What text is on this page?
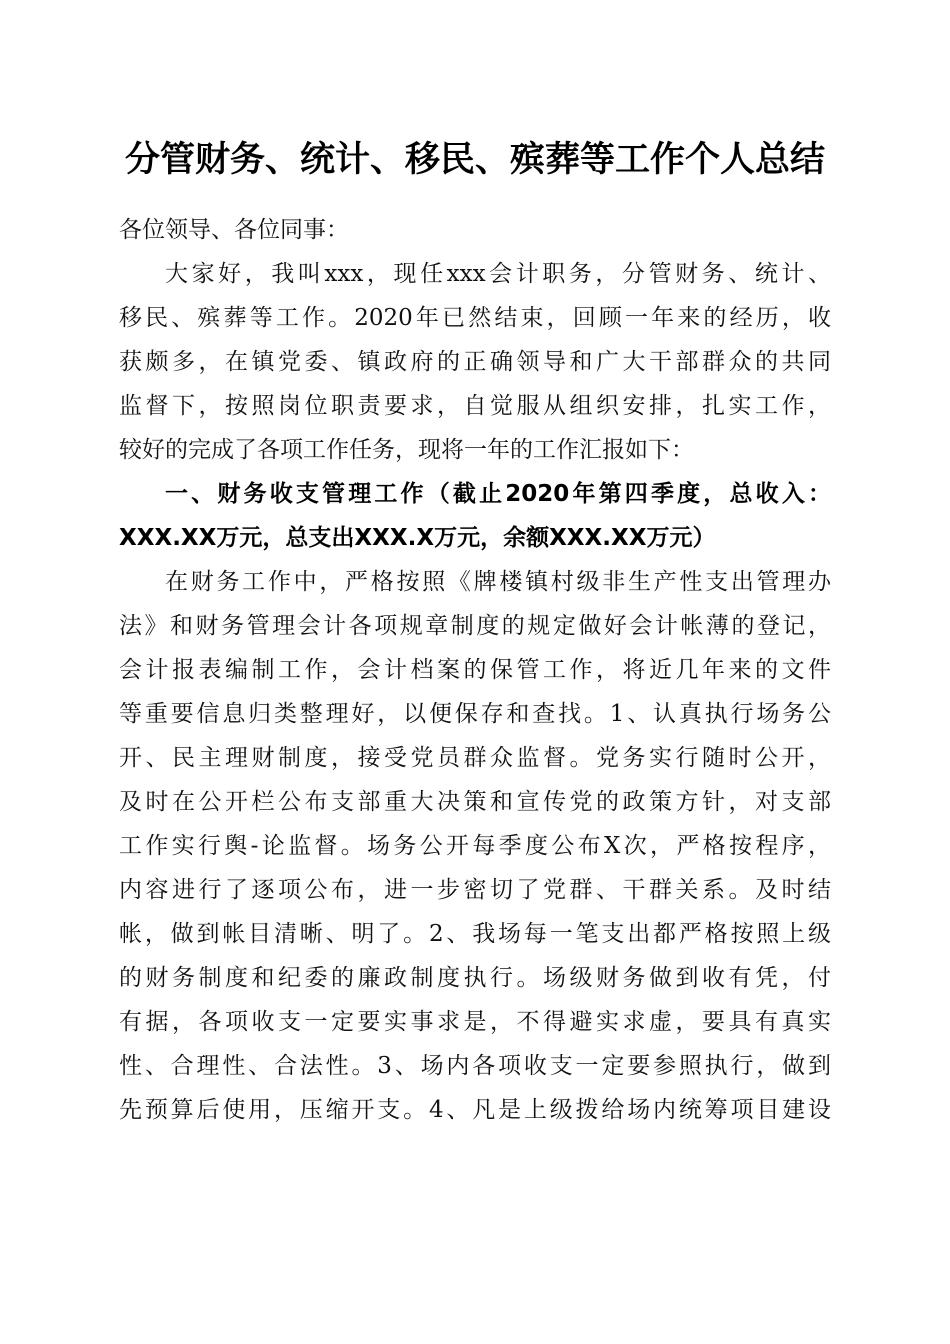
分管财务、统计、移民、殡葬等工作个人总结

各位领导、各位同事：

大家好，我叫xxx，现任xxx会计职务，分管财务、统计、
移民、殡葬等工作。2020年已然结束，回顾一年来的经历，收
获颇多，在镇党委、镇政府的正确领导和广大干部群众的共同
监督下，按照岗位职责要求，自觉服从组织安排，扎实工作，
较好的完成了各项工作任务，现将一年的工作汇报如下：
一、财务收支管理工作（截止2020年第四季度，总收入：
XXX.XX万元，总支出XXX.X万元，余额XXX.XX万元）
在财务工作中，严格按照《牌楼镇村级非生产性支出管理办
法》和财务管理会计各项规章制度的规定做好会计帐薄的登记，
会计报表编制工作，会计档案的保管工作，将近几年来的文件
等重要信息归类整理好，以便保存和查找。1、认真执行场务公
开、民主理财制度，接受党员群众监督。党务实行随时公开，
及时在公开栏公布支部重大决策和宣传党的政策方针，对支部
工作实行舆-论监督。场务公开每季度公布X次，严格按程序，
内容进行了逐项公布，进一步密切了党群、干群关系。及时结
帐，做到帐目清晰、明了。2、我场每一笔支出都严格按照上级
的财务制度和纪委的廉政制度执行。场级财务做到收有凭，付
有据，各项收支一定要实事求是，不得避实求虚，要具有真实
性、合理性、合法性。3、场内各项收支一定要参照执行，做到
先预算后使用，压缩开支。4、凡是上级拨给场内统筹项目建设
